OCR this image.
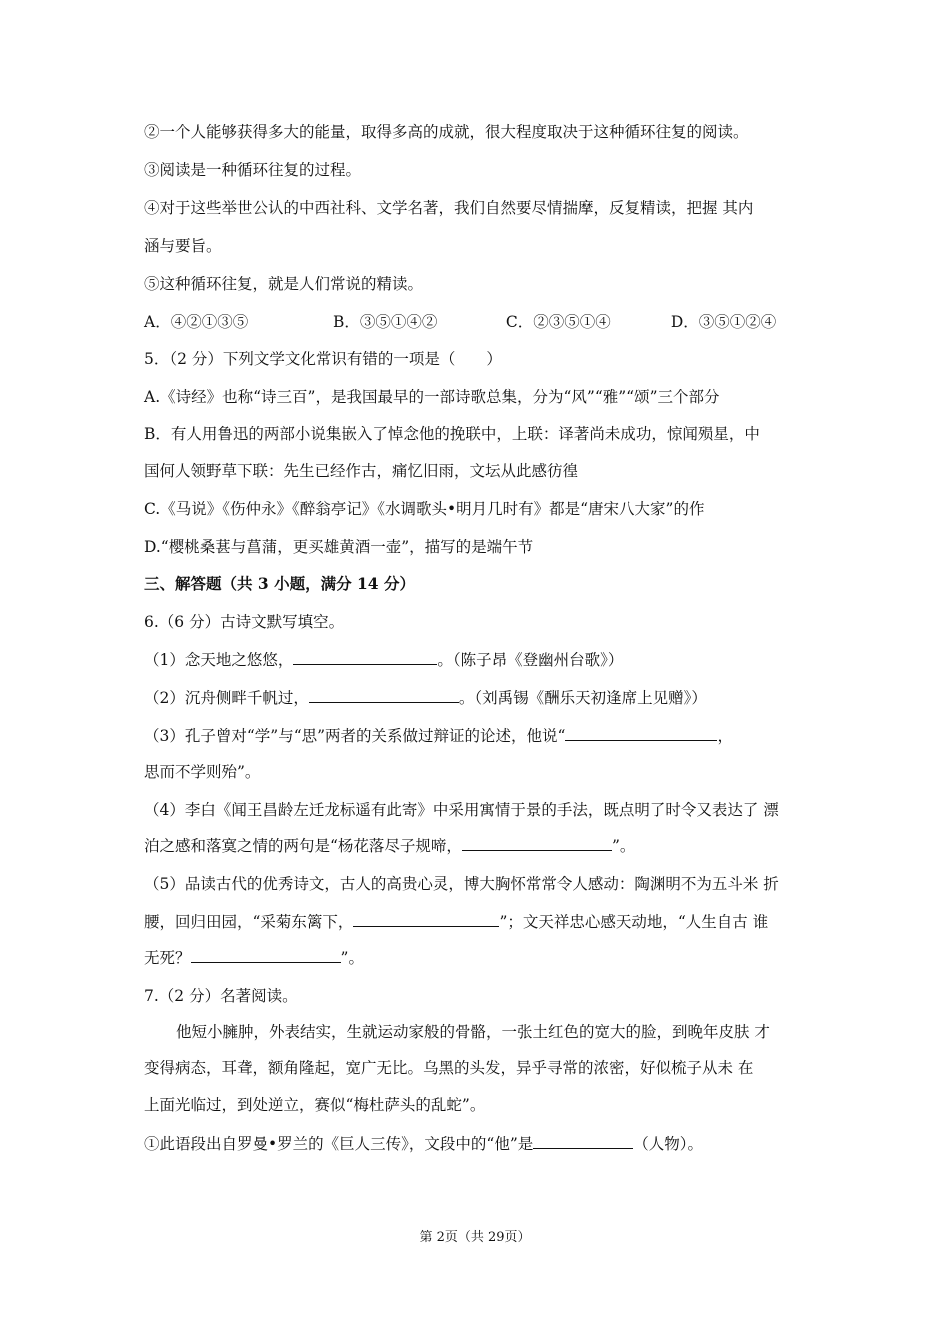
②一个人能够获得多大的能量，取得多高的成就，很大程度取决于这种循环往复的阅读。
③阅读是一种循环往复的过程。
④对于这些举世公认的中西社科、文学名著，我们自然要尽情揣摩，反复精读，把握 其内
涵与要旨。
⑤这种循环往复，就是人们常说的精读。
A．④②①③⑤	B．③⑤①④②	C．②③⑤①④	D．③⑤①②④
5．（2 分）下列文学文化常识有错的一项是（　　）
A.《诗经》也称“诗三百”，是我国最早的一部诗歌总集，分为“风”“雅”“颂”三个部分
B．有人用鲁迅的两部小说集嵌入了悼念他的挽联中，上联：译著尚未成功，惊闻殒星，中
国何人领野草下联：先生已经作古，痛忆旧雨，文坛从此感彷徨
C.《马说》《伤仲永》《醉翁亭记》《水调歌头•明月几时有》都是“唐宋八大家”的作
D.“樱桃桑葚与菖蒲，更买雄黄酒一壶”，描写的是端午节
三、解答题（共 3 小题，满分 14 分）
6.（6 分）古诗文默写填空。
（1）念天地之悠悠，	。（陈子昂《登幽州台歌》）
（2）沉舟侧畔千帆过，	。（刘禹锡《酬乐天初逢席上见赠》）
（3）孔子曾对“学”与“思”两者的关系做过辩证的论述，他说“	，
思而不学则殆”。
（4）李白《闻王昌龄左迁龙标遥有此寄》中采用寓情于景的手法，既点明了时令又表达了 漂
泊之感和落寞之情的两句是“杨花落尽子规啼，	”。
（5）品读古代的优秀诗文，古人的高贵心灵，博大胸怀常常令人感动：陶渊明不为五斗米 折
腰，回归田园，“采菊东篱下，	”；文天祥忠心感天动地，“人生自古 谁
无死？	”。
7.（2 分）名著阅读。
他短小臃肿，外表结实，生就运动家般的骨骼，一张土红色的宽大的脸，到晚年皮肤 才
变得病态，耳聋，额角隆起，宽广无比。乌黑的头发，异乎寻常的浓密，好似梳子从未 在
上面光临过，到处逆立，赛似“梅杜萨头的乱蛇”。
①此语段出自罗曼•罗兰的《巨人三传》，文段中的“他”是	（人物）。
第 2页（共 29页）
